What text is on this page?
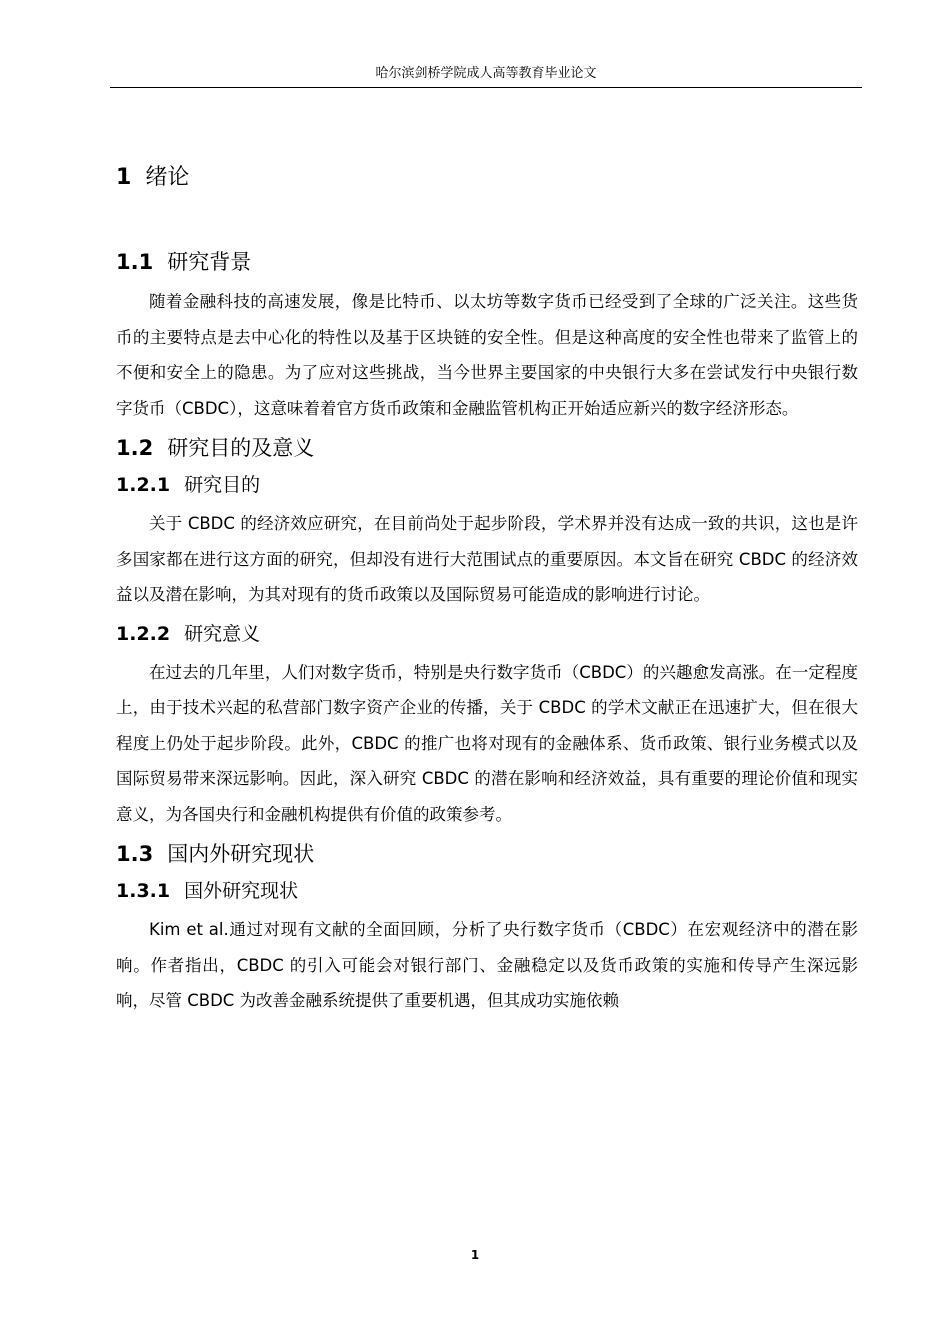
哈尔滨剑桥学院成人高等教育毕业论文
1 绪论
1.1 研究背景

随着金融科技的高速发展，像是比特币、以太坊等数字货币已经受到了全球的广泛关注。这些货币的主要特点是去中心化的特性以及基于区块链的安全性。但是这种高度的安全性也带来了监管上的不便和安全上的隐患。为了应对这些挑战，当今世界主要国家的中央银行大多在尝试发行中央银行数字货币（CBDC），这意味着着官方货币政策和金融监管机构正开始适应新兴的数字经济形态。

1.2 研究目的及意义
1.2.1 研究目的

关于 CBDC 的经济效应研究，在目前尚处于起步阶段，学术界并没有达成一致的共识，这也是许多国家都在进行这方面的研究，但却没有进行大范围试点的重要原因。本文旨在研究 CBDC 的经济效益以及潜在影响，为其对现有的货币政策以及国际贸易可能造成的影响进行讨论。

1.2.2 研究意义

在过去的几年里，人们对数字货币，特别是央行数字货币（CBDC）的兴趣愈发高涨。在一定程度上，由于技术兴起的私营部门数字资产企业的传播，关于 CBDC 的学术文献正在迅速扩大，但在很大程度上仍处于起步阶段。此外，CBDC 的推广也将对现有的金融体系、货币政策、银行业务模式以及国际贸易带来深远影响。因此，深入研究 CBDC 的潜在影响和经济效益，具有重要的理论价值和现实意义，为各国央行和金融机构提供有价值的政策参考。

1.3 国内外研究现状
1.3.1 国外研究现状

Kim et al.通过对现有文献的全面回顾，分析了央行数字货币（CBDC）在宏观经济中的潜在影响。作者指出，CBDC 的引入可能会对银行部门、金融稳定以及货币政策的实施和传导产生深远影响，尽管 CBDC 为改善金融系统提供了重要机遇，但其成功实施依赖

1
